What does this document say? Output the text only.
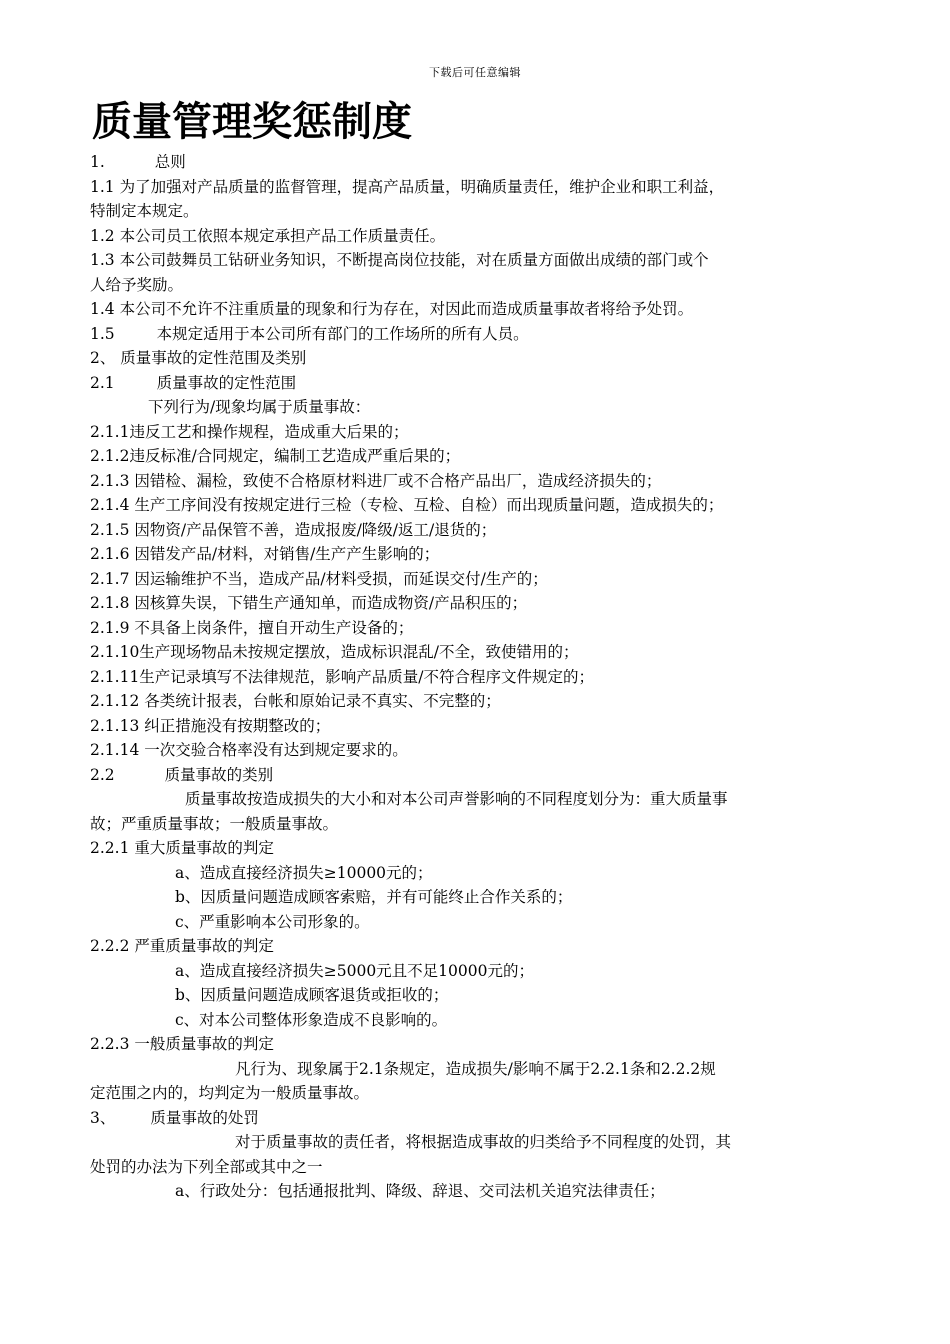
下载后可任意编辑
质量管理奖惩制度
1.	总则
1.1 为了加强对产品质量的监督管理，提高产品质量，明确质量责任，维护企业和职工利益，
特制定本规定。
1.2 本公司员工依照本规定承担产品工作质量责任。
1.3 本公司鼓舞员工钻研业务知识，不断提高岗位技能，对在质量方面做出成绩的部门或个
人给予奖励。
1.4 本公司不允许不注重质量的现象和行为存在，对因此而造成质量事故者将给予处罚。
1.5	本规定适用于本公司所有部门的工作场所的所有人员。
2、 质量事故的定性范围及类别
2.1	质量事故的定性范围
下列行为/现象均属于质量事故：
2.1.1违反工艺和操作规程，造成重大后果的；
2.1.2违反标准/合同规定，编制工艺造成严重后果的；
2.1.3 因错检、漏检，致使不合格原材料进厂或不合格产品出厂，造成经济损失的；
2.1.4 生产工序间没有按规定进行三检（专检、互检、自检）而出现质量问题，造成损失的；
2.1.5 因物资/产品保管不善，造成报废/降级/返工/退货的；
2.1.6 因错发产品/材料，对销售/生产产生影响的；
2.1.7 因运输维护不当，造成产品/材料受损，而延误交付/生产的；
2.1.8 因核算失误，下错生产通知单，而造成物资/产品积压的；
2.1.9 不具备上岗条件，擅自开动生产设备的；
2.1.10生产现场物品未按规定摆放，造成标识混乱/不全，致使错用的；
2.1.11生产记录填写不法律规范，影响产品质量/不符合程序文件规定的；
2.1.12 各类统计报表，台帐和原始记录不真实、不完整的；
2.1.13 纠正措施没有按期整改的；
2.1.14 一次交验合格率没有达到规定要求的。
2.2	质量事故的类别
质量事故按造成损失的大小和对本公司声誉影响的不同程度划分为：重大质量事
故；严重质量事故；一般质量事故。
2.2.1 重大质量事故的判定
a、造成直接经济损失≥10000元的；
b、因质量问题造成顾客索赔，并有可能终止合作关系的；
c、严重影响本公司形象的。
2.2.2 严重质量事故的判定
a、造成直接经济损失≥5000元且不足10000元的；
b、因质量问题造成顾客退货或拒收的；
c、对本公司整体形象造成不良影响的。
2.2.3 一般质量事故的判定
凡行为、现象属于2.1条规定，造成损失/影响不属于2.2.1条和2.2.2规
定范围之内的，均判定为一般质量事故。
3、 质量事故的处罚
对于质量事故的责任者，将根据造成事故的归类给予不同程度的处罚，其
处罚的办法为下列全部或其中之一
a、行政处分：包括通报批判、降级、辞退、交司法机关追究法律责任；
